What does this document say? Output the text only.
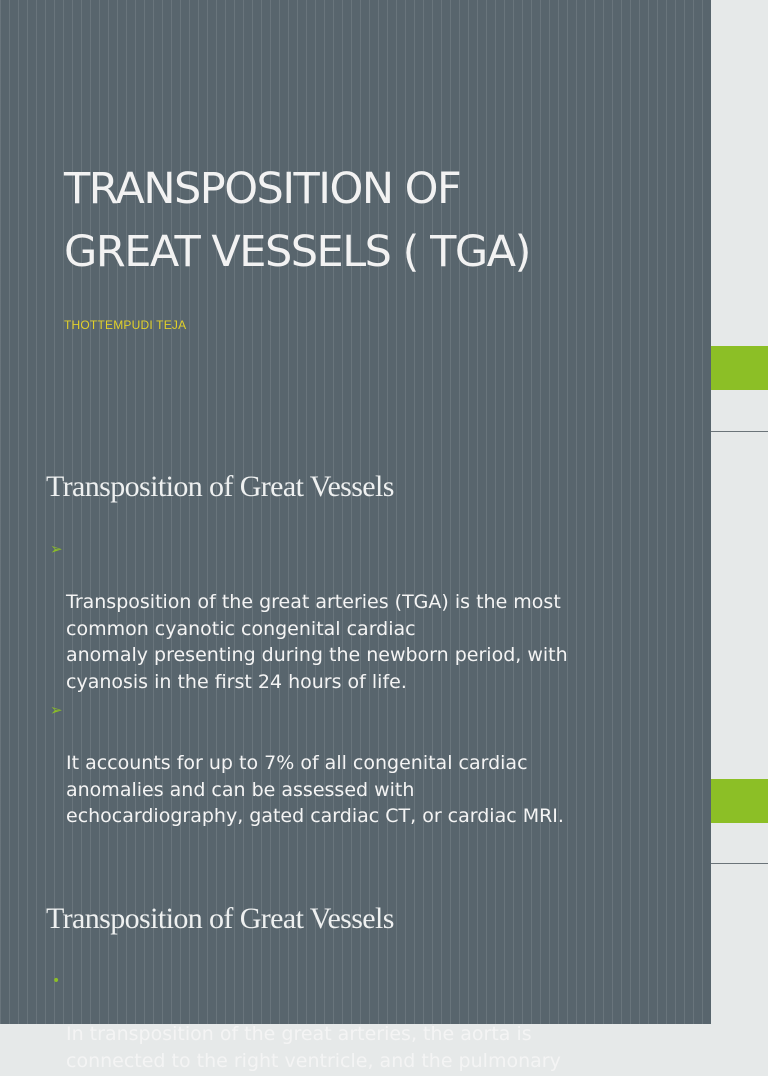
TRANSPOSITION OF
GREAT VESSELS ( TGA)

THOTTEMPUDI TEJA

Transposition of Great Vessels

➢

Transposition of the great arteries (TGA) is the most
common cyanotic congenital cardiac
anomaly presenting during the newborn period, with
cyanosis in the first 24 hours of life.

➢

It accounts for up to 7% of all congenital cardiac
anomalies and can be assessed with
echocardiography, gated cardiac CT, or cardiac MRI.

Transposition of Great Vessels

•

In transposition of the great arteries, the aorta is
connected to the right ventricle, and the pulmonary
